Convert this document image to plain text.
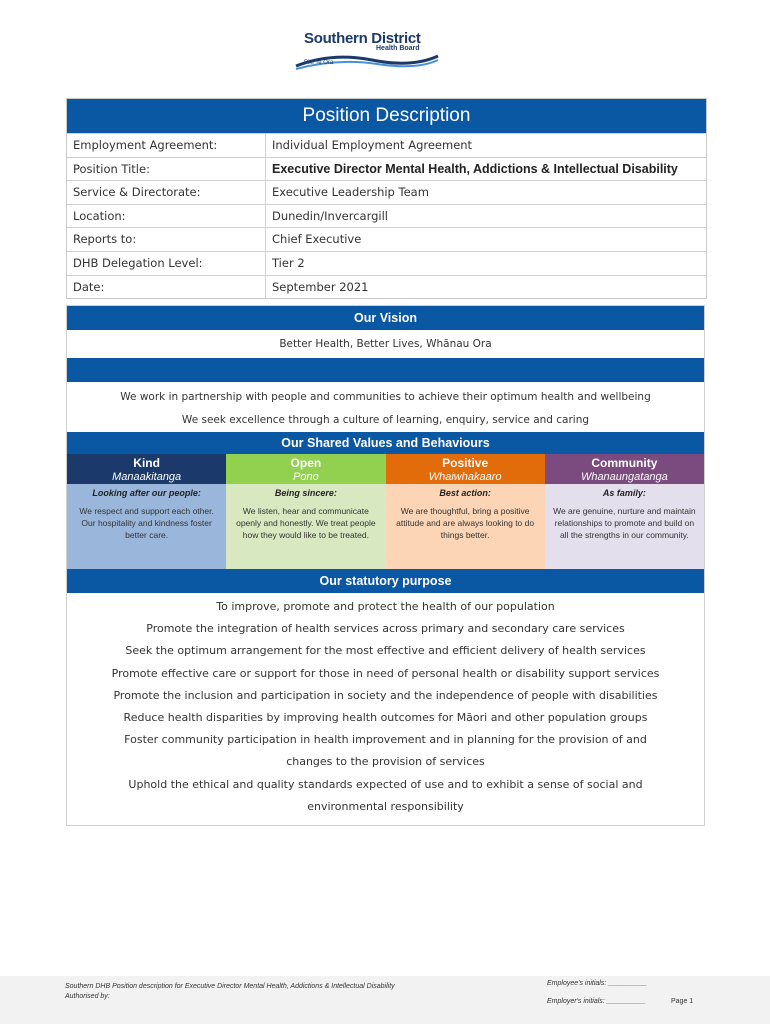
Southern District
Health Board
Piki Te Ora
Position Description
Employment Agreement:	Individual Employment Agreement
Position Title:	Executive Director Mental Health, Addictions & Intellectual Disability
Service & Directorate:	Executive Leadership Team
Location:	Dunedin/Invercargill
Reports to:	Chief Executive
DHB Delegation Level:	Tier 2
Date:	September 2021
Our Vision
Better Health, Better Lives, Whānau Ora
We work in partnership with people and communities to achieve their optimum health and wellbeing
We seek excellence through a culture of learning, enquiry, service and caring
Our Shared Values and Behaviours
Kind
Manaakitanga
Looking after our people:
We respect and support each other. Our hospitality and kindness foster better care.
Open
Pono
Being sincere:
We listen, hear and communicate openly and honestly. We treat people how they would like to be treated.
Positive
Whaiwhakaaro
Best action:
We are thoughtful, bring a positive attitude and are always looking to do things better.
Community
Whanaungatanga
As family:
We are genuine, nurture and maintain relationships to promote and build on all the strengths in our community.
Our statutory purpose
To improve, promote and protect the health of our population
Promote the integration of health services across primary and secondary care services
Seek the optimum arrangement for the most effective and efficient delivery of health services
Promote effective care or support for those in need of personal health or disability support services
Promote the inclusion and participation in society and the independence of people with disabilities
Reduce health disparities by improving health outcomes for Māori and other population groups
Foster community participation in health improvement and in planning for the provision of and
changes to the provision of services
Uphold the ethical and quality standards expected of use and to exhibit a sense of social and
environmental responsibility
Southern DHB Position description for Executive Director Mental Health, Addictions & Intellectual Disability
Authorised by:
Employee's initials: __________
Employer's initials: __________	Page 1
